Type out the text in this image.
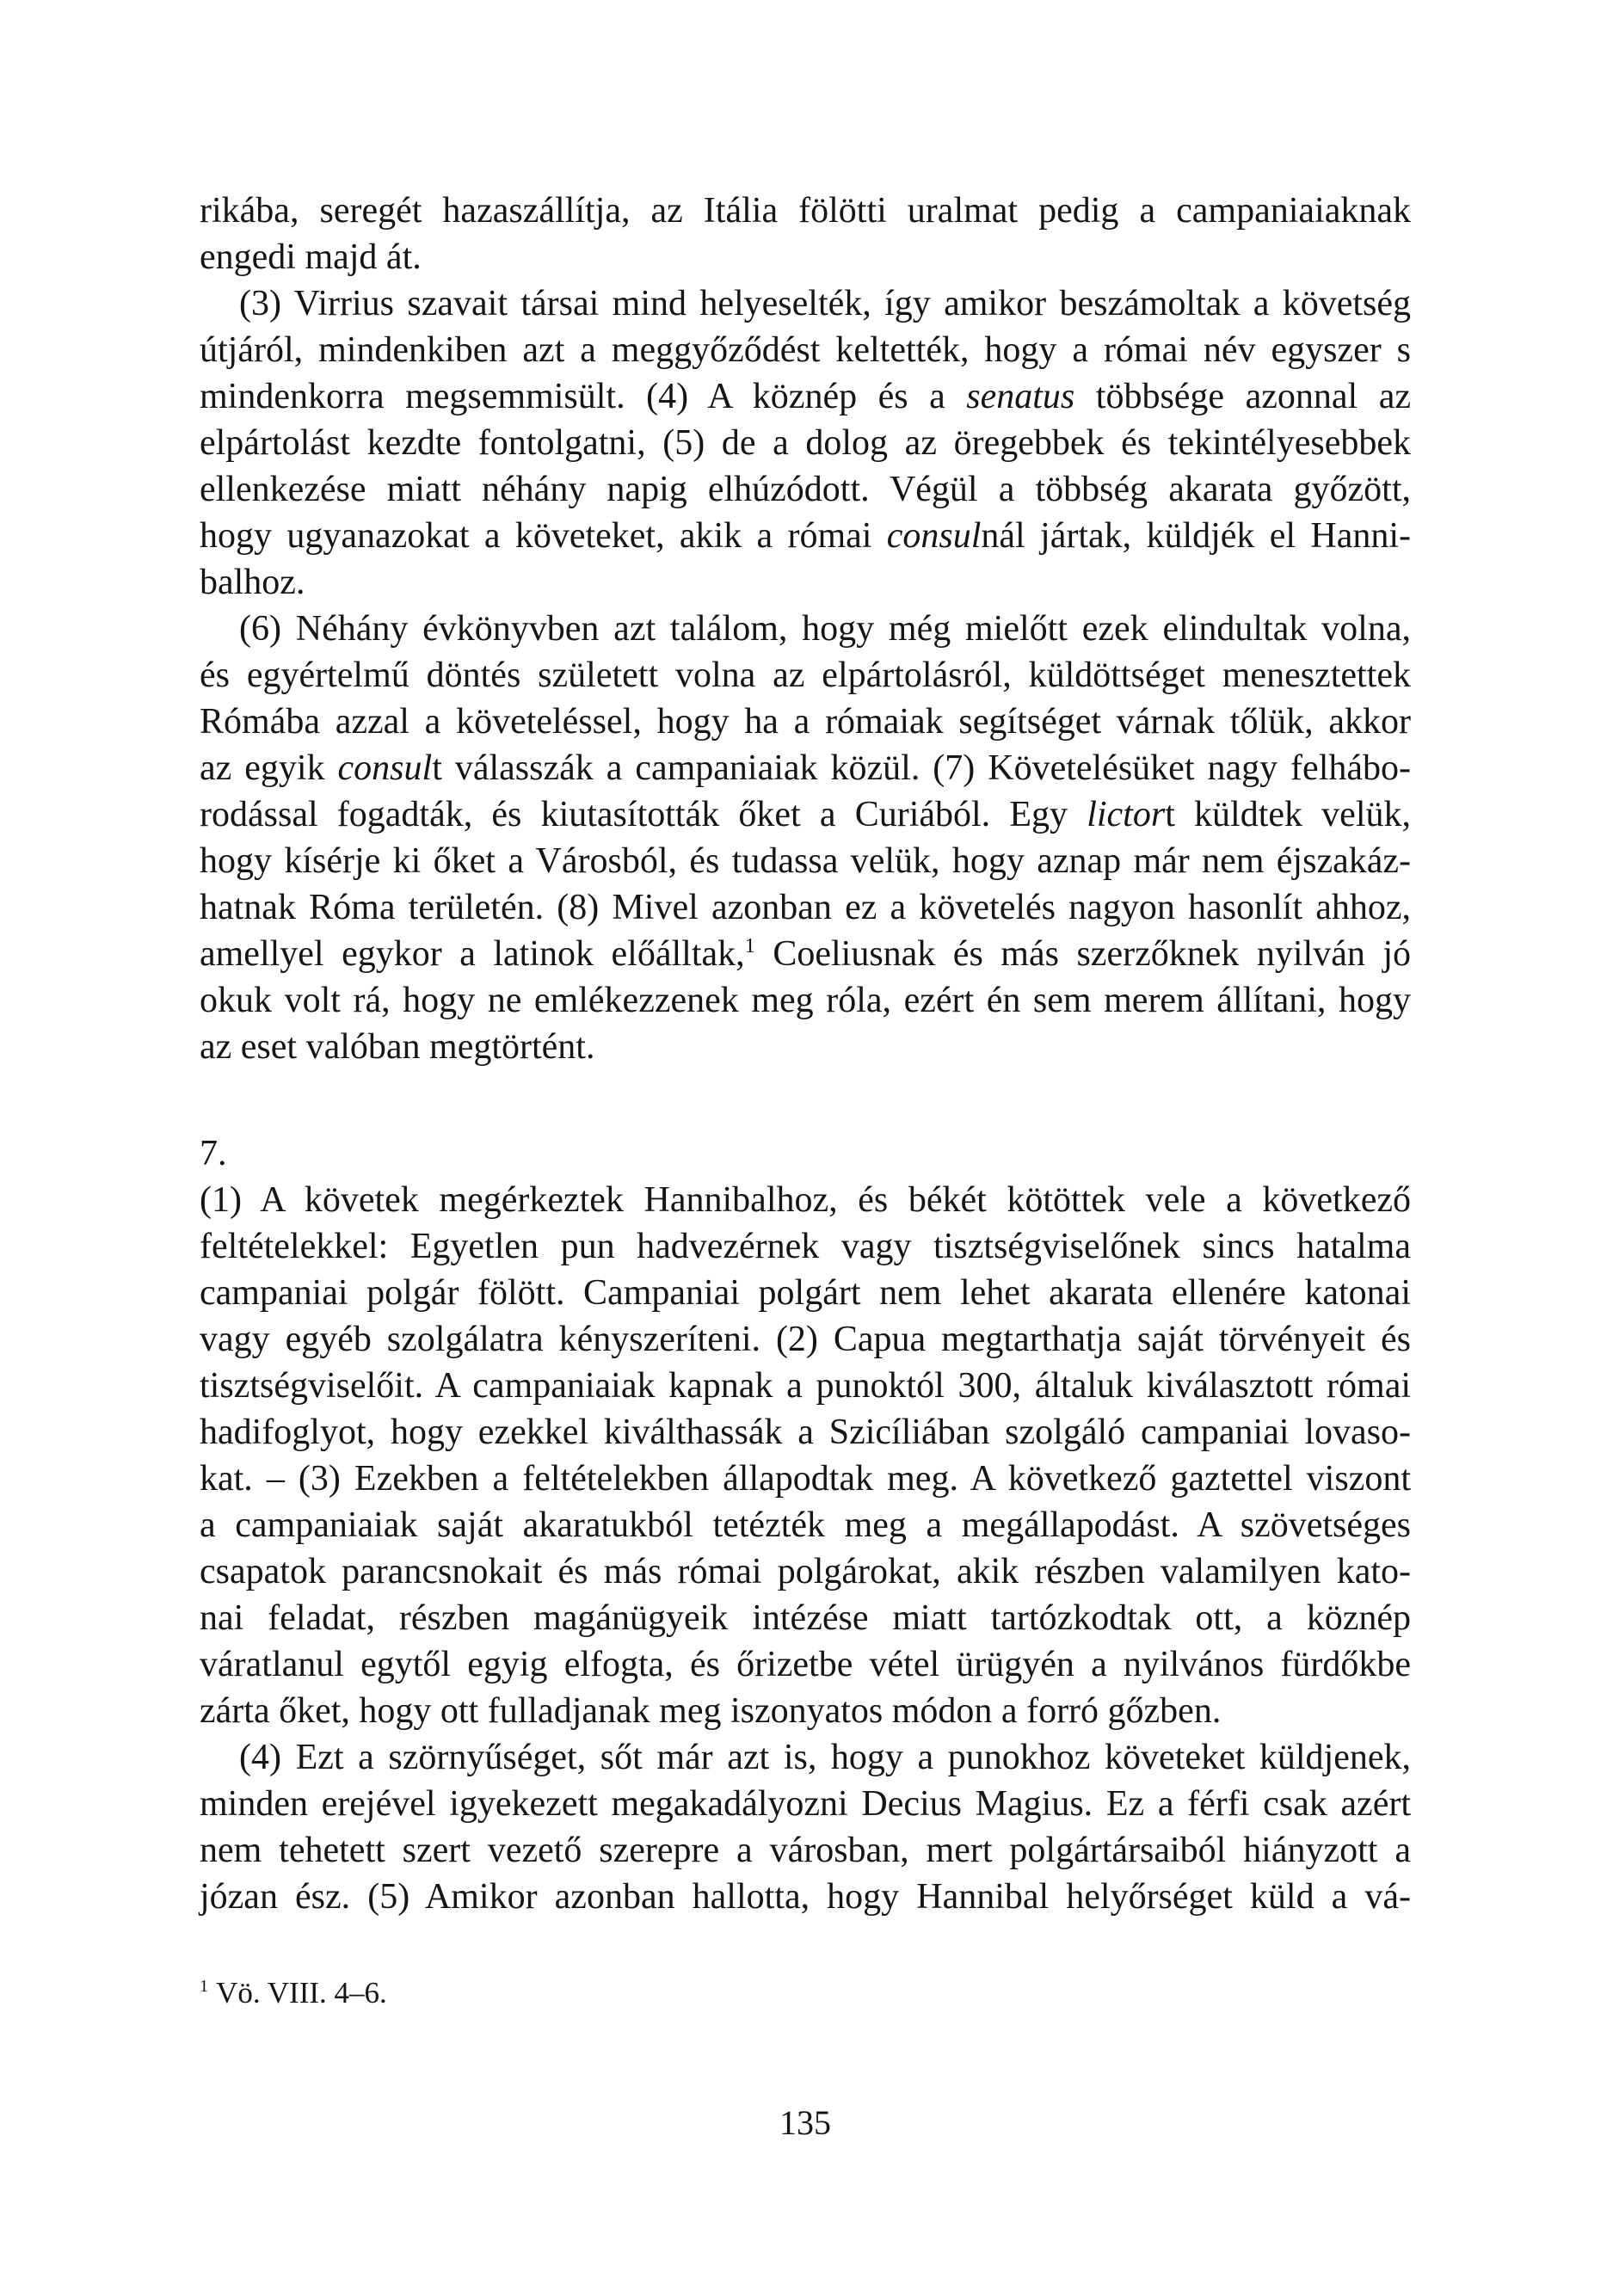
rikába, seregét hazaszállítja, az Itália fölötti uralmat pedig a campaniaiaknak
engedi majd át.
(3) Virrius szavait társai mind helyeselték, így amikor beszámoltak a követség
útjáról, mindenkiben azt a meggyőződést keltették, hogy a római név egyszer s
mindenkorra megsemmisült. (4) A köznép és a senatus többsége azonnal az
elpártolást kezdte fontolgatni, (5) de a dolog az öregebbek és tekintélyesebbek
ellenkezése miatt néhány napig elhúzódott. Végül a többség akarata győzött,
hogy ugyanazokat a követeket, akik a római consulnál jártak, küldjék el Hanni-
balhoz.
(6) Néhány évkönyvben azt találom, hogy még mielőtt ezek elindultak volna,
és egyértelmű döntés született volna az elpártolásról, küldöttséget menesztettek
Rómába azzal a követeléssel, hogy ha a rómaiak segítséget várnak tőlük, akkor
az egyik consult válasszák a campaniaiak közül. (7) Követelésüket nagy felhábo-
rodással fogadták, és kiutasították őket a Curiából. Egy lictort küldtek velük,
hogy kísérje ki őket a Városból, és tudassa velük, hogy aznap már nem éjszakáz-
hatnak Róma területén. (8) Mivel azonban ez a követelés nagyon hasonlít ahhoz,
amellyel egykor a latinok előálltak,$^1$ Coeliusnak és más szerzőknek nyilván jó
okuk volt rá, hogy ne emlékezzenek meg róla, ezért én sem merem állítani, hogy
az eset valóban megtörtént.
7.
(1) A követek megérkeztek Hannibalhoz, és békét kötöttek vele a következő
feltételekkel: Egyetlen pun hadvezérnek vagy tisztségviselőnek sincs hatalma
campaniai polgár fölött. Campaniai polgárt nem lehet akarata ellenére katonai
vagy egyéb szolgálatra kényszeríteni. (2) Capua megtarthatja saját törvényeit és
tisztségviselőit. A campaniaiak kapnak a punoktól 300, általuk kiválasztott római
hadifoglyot, hogy ezekkel kiválthassák a Szicíliában szolgáló campaniai lovaso-
kat. – (3) Ezekben a feltételekben állapodtak meg. A következő gaztettel viszont
a campaniaiak saját akaratukból tetézték meg a megállapodást. A szövetséges
csapatok parancsnokait és más római polgárokat, akik részben valamilyen kato-
nai feladat, részben magánügyeik intézése miatt tartózkodtak ott, a köznép
váratlanul egytől egyig elfogta, és őrizetbe vétel ürügyén a nyilvános fürdőkbe
zárta őket, hogy ott fulladjanak meg iszonyatos módon a forró gőzben.
(4) Ezt a szörnyűséget, sőt már azt is, hogy a punokhoz követeket küldjenek,
minden erejével igyekezett megakadályozni Decius Magius. Ez a férfi csak azért
nem tehetett szert vezető szerepre a városban, mert polgártársaiból hiányzott a
józan ész. (5) Amikor azonban hallotta, hogy Hannibal helyőrséget küld a vá-
$^1$ Vö. VIII. 4–6.
135
